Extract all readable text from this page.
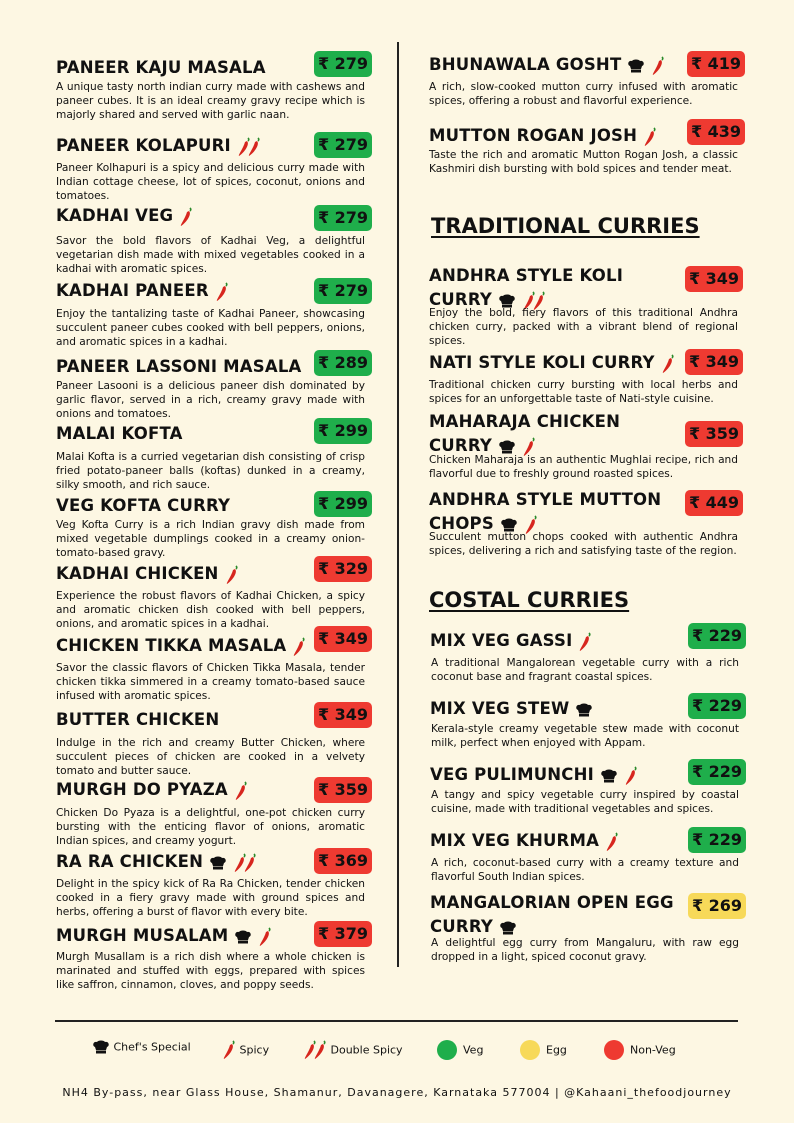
PANEER KAJU MASALA	₹ 279
A unique tasty north indian curry made with cashews and paneer cubes. It is an ideal creamy gravy recipe which is majorly shared and served with garlic naan.
PANEER KOLAPURI	₹ 279
Paneer Kolhapuri is a spicy and delicious curry made with Indian cottage cheese, lot of spices, coconut, onions and tomatoes.
KADHAI VEG	₹ 279
Savor the bold flavors of Kadhai Veg, a delightful vegetarian dish made with mixed vegetables cooked in a kadhai with aromatic spices.
KADHAI PANEER	₹ 279
Enjoy the tantalizing taste of Kadhai Paneer, showcasing succulent paneer cubes cooked with bell peppers, onions, and aromatic spices in a kadhai.
PANEER LASSONI MASALA ₹ 289
Paneer Lasooni is a delicious paneer dish dominated by garlic flavor, served in a rich, creamy gravy made with onions and tomatoes.
MALAI KOFTA	₹ 299
Malai Kofta is a curried vegetarian dish consisting of crisp fried potato-paneer balls (koftas) dunked in a creamy, silky smooth, and rich sauce.
VEG KOFTA CURRY	₹ 299
Veg Kofta Curry is a rich Indian gravy dish made from mixed vegetable dumplings cooked in a creamy onion-tomato-based gravy.
KADHAI CHICKEN	₹ 329
Experience the robust flavors of Kadhai Chicken, a spicy and aromatic chicken dish cooked with bell peppers, onions, and aromatic spices in a kadhai.
CHICKEN TIKKA MASALA	₹ 349
Savor the classic flavors of Chicken Tikka Masala, tender chicken tikka simmered in a creamy tomato-based sauce infused with aromatic spices.
BUTTER CHICKEN	₹ 349
Indulge in the rich and creamy Butter Chicken, where succulent pieces of chicken are cooked in a velvety tomato and butter sauce.
MURGH DO PYAZA	₹ 359
Chicken Do Pyaza is a delightful, one-pot chicken curry bursting with the enticing flavor of onions, aromatic Indian spices, and creamy yogurt.
RA RA CHICKEN	₹ 369
Delight in the spicy kick of Ra Ra Chicken, tender chicken cooked in a fiery gravy made with ground spices and herbs, offering a burst of flavor with every bite.
MURGH MUSALAM	₹ 379
Murgh Musallam is a rich dish where a whole chicken is marinated and stuffed with eggs, prepared with spices like saffron, cinnamon, cloves, and poppy seeds.
BHUNAWALA GOSHT	₹ 419
A rich, slow-cooked mutton curry infused with aromatic spices, offering a robust and flavorful experience.
MUTTON ROGAN JOSH	₹ 439
Taste the rich and aromatic Mutton Rogan Josh, a classic Kashmiri dish bursting with bold spices and tender meat.
TRADITIONAL CURRIES
ANDHRA STYLE KOLI
CURRY
₹ 349
Enjoy the bold, fiery flavors of this traditional Andhra chicken curry, packed with a vibrant blend of regional spices.
NATI STYLE KOLI CURRY	₹ 349
Traditional chicken curry bursting with local herbs and spices for an unforgettable taste of Nati-style cuisine.
MAHARAJA CHICKEN
CURRY
₹ 359
Chicken Maharaja is an authentic Mughlai recipe, rich and flavorful due to freshly ground roasted spices.
ANDHRA STYLE MUTTON
CHOPS
₹ 449
Succulent mutton chops cooked with authentic Andhra spices, delivering a rich and satisfying taste of the region.
COSTAL CURRIES
MIX VEG GASSI	₹ 229
A traditional Mangalorean vegetable curry with a rich coconut base and fragrant coastal spices.
MIX VEG STEW	₹ 229
Kerala-style creamy vegetable stew made with coconut milk, perfect when enjoyed with Appam.
VEG PULIMUNCHI	₹ 229
A tangy and spicy vegetable curry inspired by coastal cuisine, made with traditional vegetables and spices.
MIX VEG KHURMA	₹ 229
A rich, coconut-based curry with a creamy texture and flavorful South Indian spices.
MANGALORIAN OPEN EGG
CURRY
₹ 269
A delightful egg curry from Mangaluru, with raw egg dropped in a light, spiced coconut gravy.
Chef's Special	Spicy	Double Spicy	Veg	Egg	Non-Veg
NH4 By-pass, near Glass House, Shamanur, Davanagere, Karnataka 577004 | @Kahaani_thefoodjourney
